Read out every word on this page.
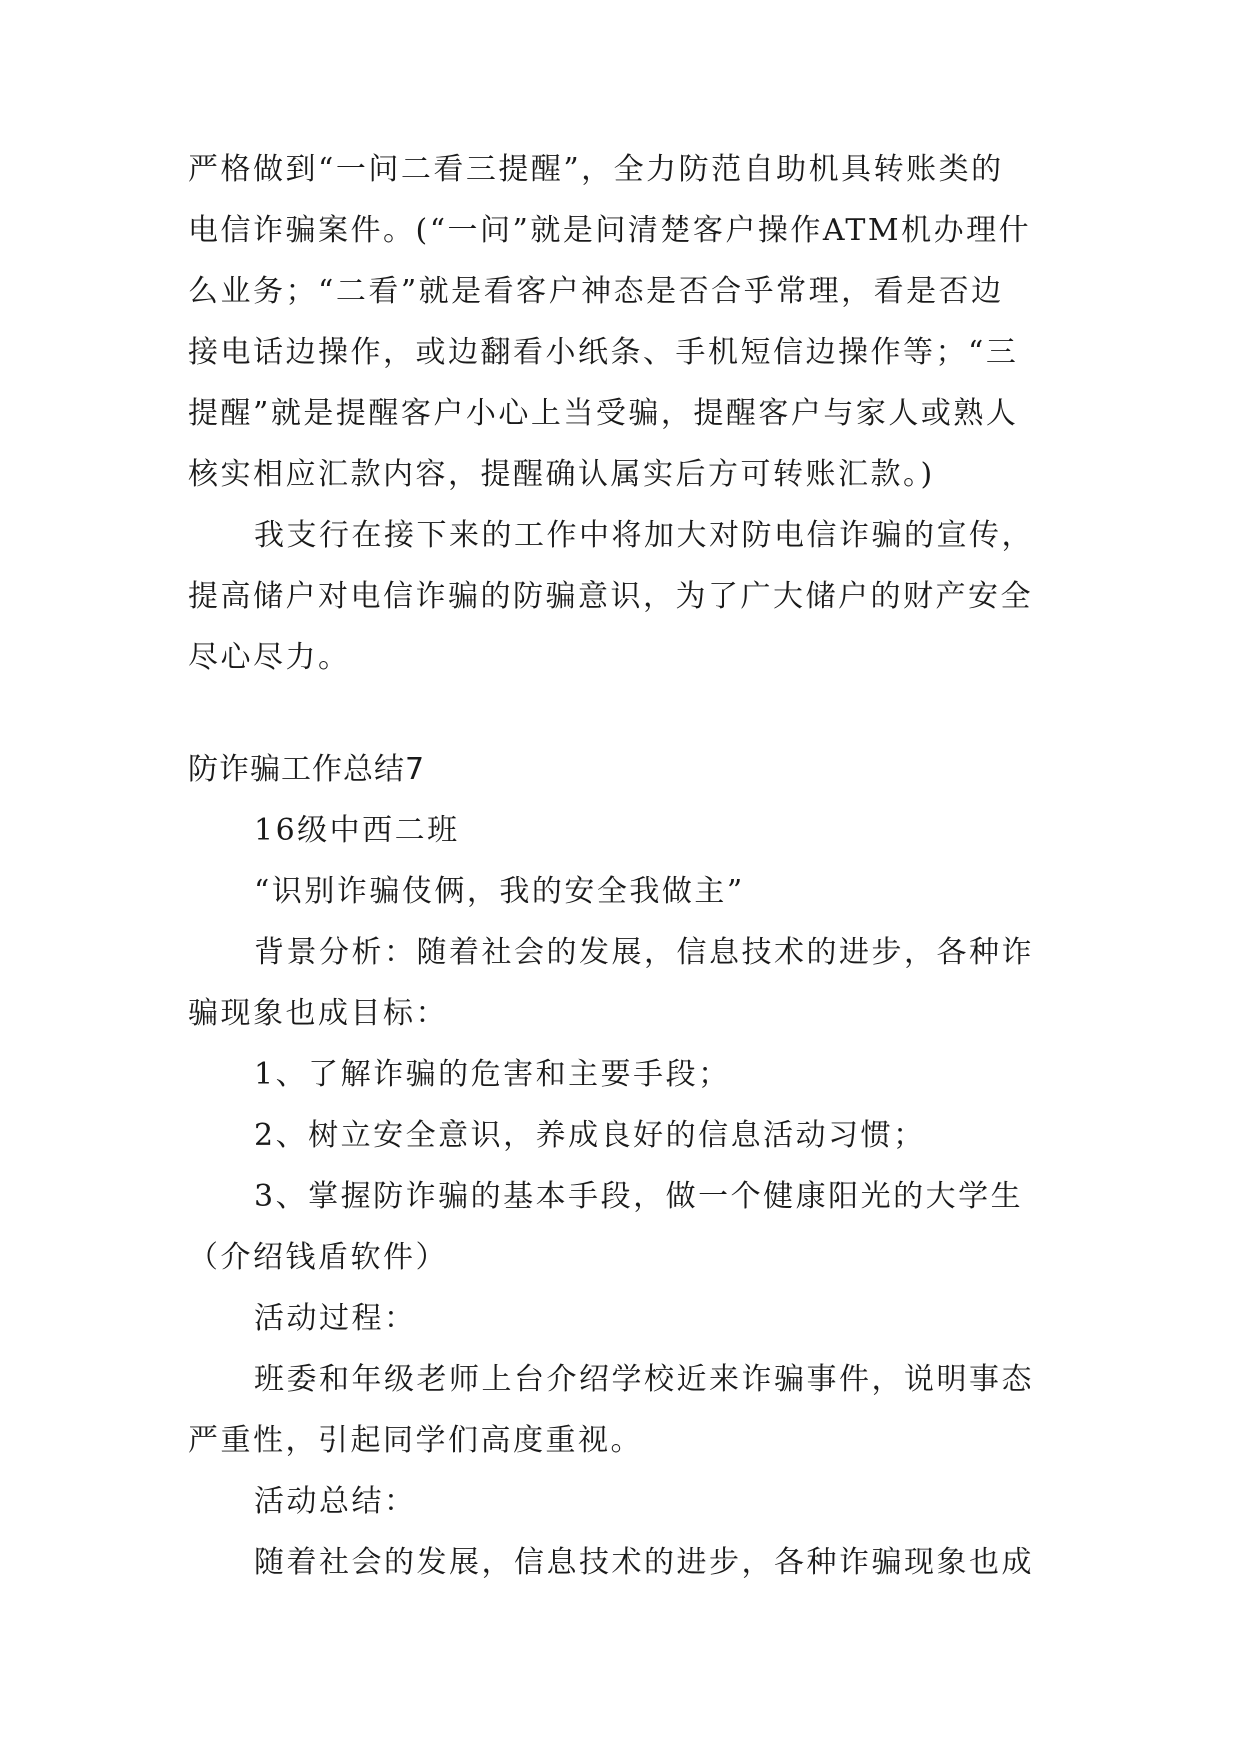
严格做到“一问二看三提醒”，全力防范自助机具转账类的
电信诈骗案件。(“一问”就是问清楚客户操作ATM机办理什
么业务；“二看”就是看客户神态是否合乎常理，看是否边
接电话边操作，或边翻看小纸条、手机短信边操作等；“三
提醒”就是提醒客户小心上当受骗，提醒客户与家人或熟人
核实相应汇款内容，提醒确认属实后方可转账汇款。)
我支行在接下来的工作中将加大对防电信诈骗的宣传，
提高储户对电信诈骗的防骗意识，为了广大储户的财产安全
尽心尽力。
防诈骗工作总结7
16级中西二班
“识别诈骗伎俩，我的安全我做主”
背景分析：随着社会的发展，信息技术的进步，各种诈
骗现象也成目标：
1、了解诈骗的危害和主要手段；
2、树立安全意识，养成良好的信息活动习惯；
3、掌握防诈骗的基本手段，做一个健康阳光的大学生
（介绍钱盾软件）
活动过程：
班委和年级老师上台介绍学校近来诈骗事件，说明事态
严重性，引起同学们高度重视。
活动总结：
随着社会的发展，信息技术的进步，各种诈骗现象也成
